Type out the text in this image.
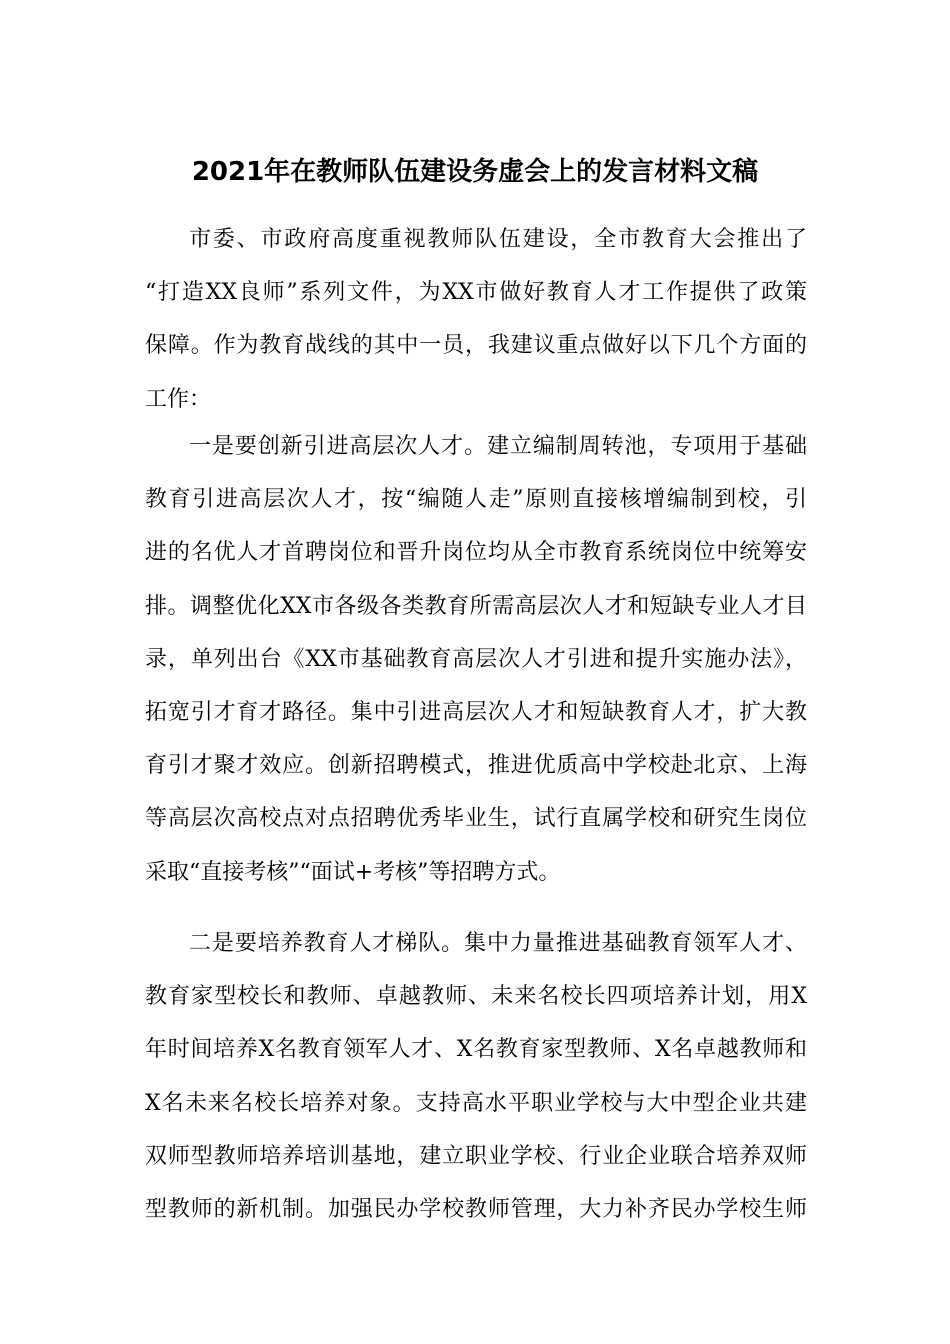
2021年在教师队伍建设务虚会上的发言材料文稿
市委、市政府高度重视教师队伍建设，全市教育大会推出了
“打造XX良师”系列文件，为XX市做好教育人才工作提供了政策
保障。作为教育战线的其中一员，我建议重点做好以下几个方面的
工作：
一是要创新引进高层次人才。建立编制周转池，专项用于基础
教育引进高层次人才，按“编随人走”原则直接核增编制到校，引
进的名优人才首聘岗位和晋升岗位均从全市教育系统岗位中统筹安
排。调整优化XX市各级各类教育所需高层次人才和短缺专业人才目
录，单列出台《XX市基础教育高层次人才引进和提升实施办法》，
拓宽引才育才路径。集中引进高层次人才和短缺教育人才，扩大教
育引才聚才效应。创新招聘模式，推进优质高中学校赴北京、上海
等高层次高校点对点招聘优秀毕业生，试行直属学校和研究生岗位
采取“直接考核”“面试+考核”等招聘方式。
二是要培养教育人才梯队。集中力量推进基础教育领军人才、
教育家型校长和教师、卓越教师、未来名校长四项培养计划，用X
年时间培养X名教育领军人才、X名教育家型教师、X名卓越教师和
X名未来名校长培养对象。支持高水平职业学校与大中型企业共建
双师型教师培养培训基地，建立职业学校、行业企业联合培养双师
型教师的新机制。加强民办学校教师管理，大力补齐民办学校生师
